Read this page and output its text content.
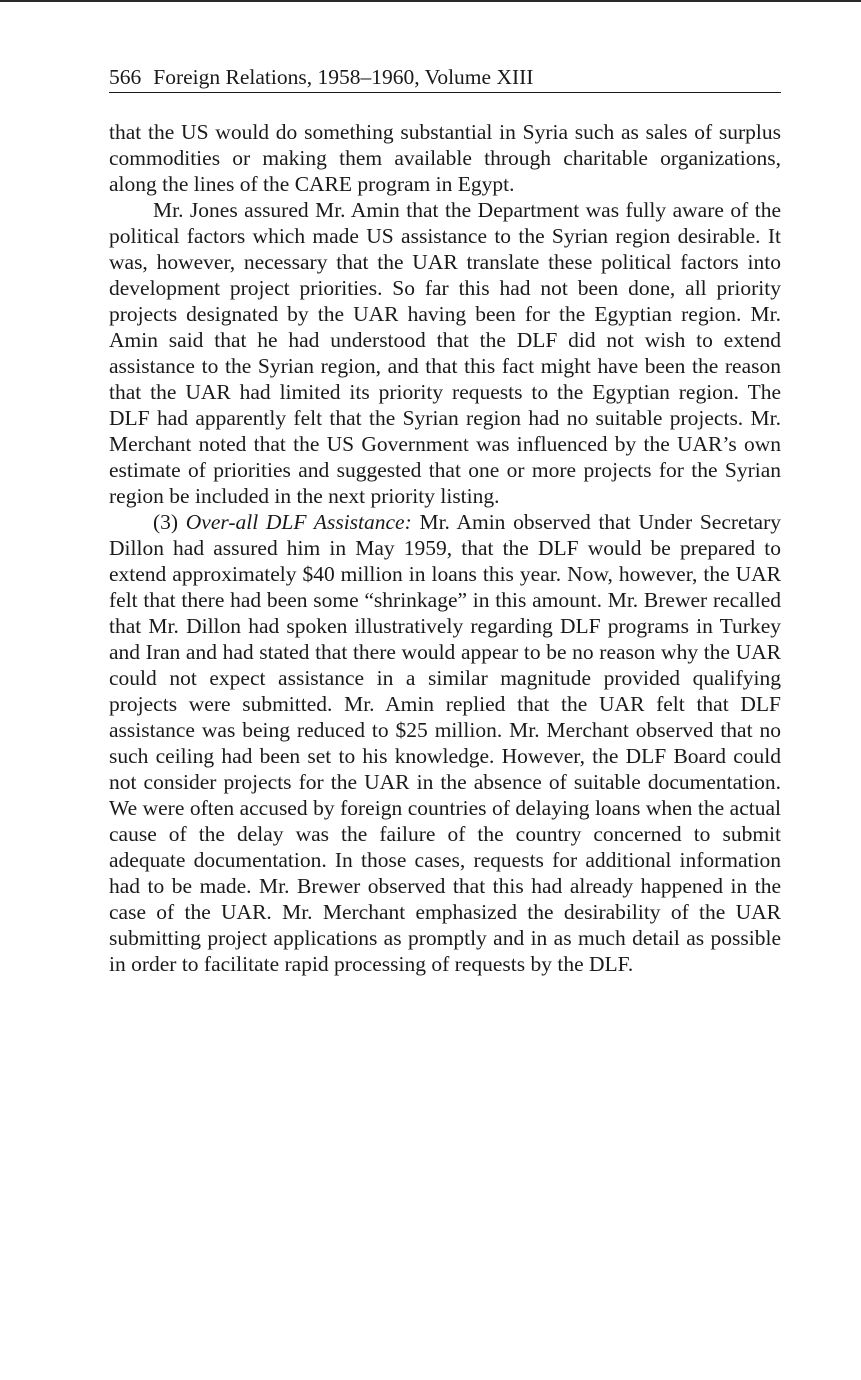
566 Foreign Relations, 1958–1960, Volume XIII

that the US would do something substantial in Syria such as sales of surplus commodities or making them available through charitable organizations, along the lines of the CARE program in Egypt.

Mr. Jones assured Mr. Amin that the Department was fully aware of the political factors which made US assistance to the Syrian region desirable. It was, however, necessary that the UAR translate these political factors into development project priorities. So far this had not been done, all priority projects designated by the UAR having been for the Egyptian region. Mr. Amin said that he had understood that the DLF did not wish to extend assistance to the Syrian region, and that this fact might have been the reason that the UAR had limited its priority requests to the Egyptian region. The DLF had apparently felt that the Syrian region had no suitable projects. Mr. Merchant noted that the US Government was influenced by the UAR’s own estimate of priorities and suggested that one or more projects for the Syrian region be included in the next priority listing.

(3) Over-all DLF Assistance: Mr. Amin observed that Under Secretary Dillon had assured him in May 1959, that the DLF would be prepared to extend approximately $40 million in loans this year. Now, however, the UAR felt that there had been some “shrinkage” in this amount. Mr. Brewer recalled that Mr. Dillon had spoken illustratively regarding DLF programs in Turkey and Iran and had stated that there would appear to be no reason why the UAR could not expect assistance in a similar magnitude provided qualifying projects were submitted. Mr. Amin replied that the UAR felt that DLF assistance was being reduced to $25 million. Mr. Merchant observed that no such ceiling had been set to his knowledge. However, the DLF Board could not consider projects for the UAR in the absence of suitable documentation. We were often accused by foreign countries of delaying loans when the actual cause of the delay was the failure of the country concerned to submit adequate documentation. In those cases, requests for additional information had to be made. Mr. Brewer observed that this had already happened in the case of the UAR. Mr. Merchant emphasized the desirability of the UAR submitting project applications as promptly and in as much detail as possible in order to facilitate rapid processing of requests by the DLF.
